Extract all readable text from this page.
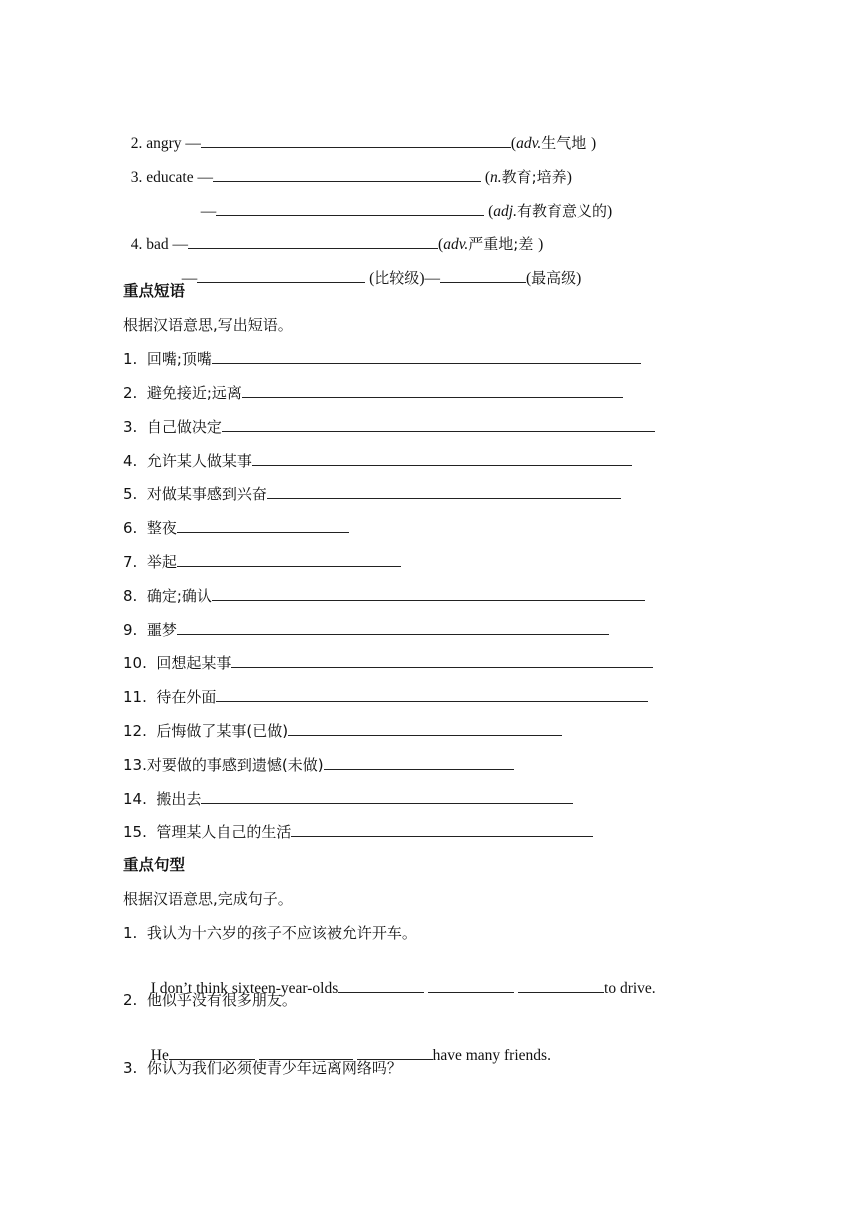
2. angry —	(adv.生气地 )

3. educate —	(n.教育;培养)

—	(adj.有教育意义的)

4. bad —	(adv.严重地;差 )

—	(比较级)—	(最高级)

重点短语
根据汉语意思,写出短语。
1.  回嘴;顶嘴
2.  避免接近;远离
3.  自己做决定
4.  允许某人做某事
5.  对做某事感到兴奋
6.  整夜
7.  举起
8.  确定;确认
9.  噩梦
10.  回想起某事
11.  待在外面
12.  后悔做了某事(已做)
13.对要做的事感到遗憾(未做)
14.  搬出去
15.  管理某人自己的生活
重点句型
根据汉语意思,完成句子。
1.  我认为十六岁的孩子不应该被允许开车。

I don’t think sixteen-year-olds	to drive.

2.  他似乎没有很多朋友。

He	have many friends.

3.  你认为我们必须使青少年远离网络吗？
